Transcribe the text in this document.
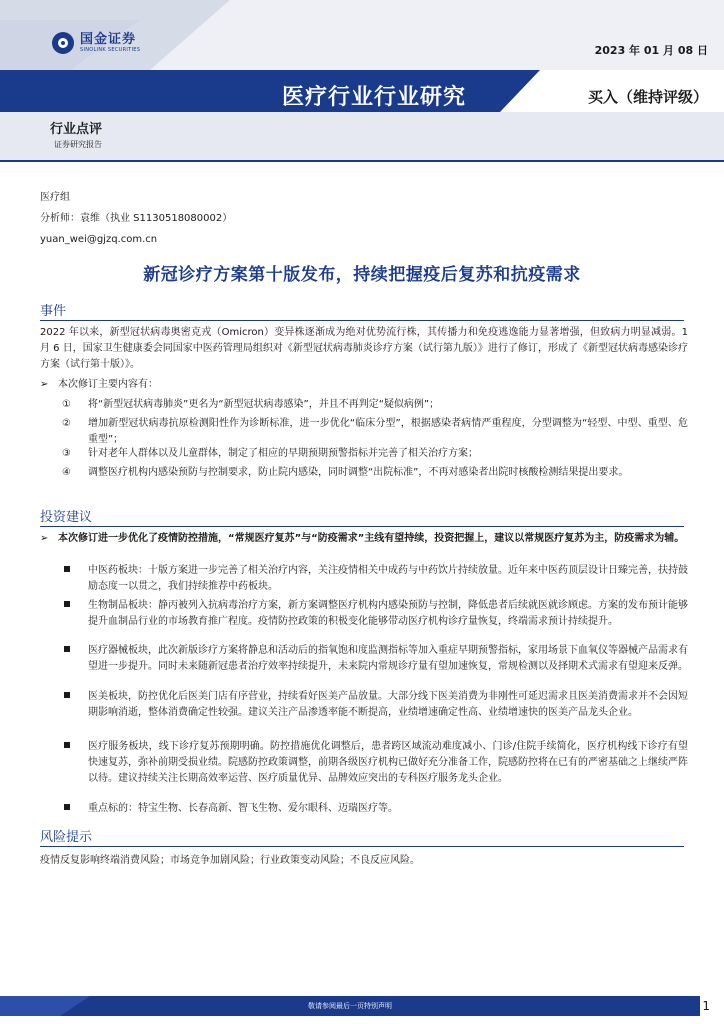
国金证券
SINOLINK SECURITIES	2023 年 01 月 08 日
医疗行业行业研究	买入（维持评级）
行业点评
证券研究报告
医疗组
分析师：袁维（执业 S1130518080002）
yuan_wei@gjzq.com.cn
新冠诊疗方案第十版发布，持续把握疫后复苏和抗疫需求
事件
2022 年以来，新型冠状病毒奥密克戎（Omicron）变异株逐渐成为绝对优势流行株，其传播力和免疫逃逸能力显著增强，但致病力明显减弱。1 月 6 日，国家卫生健康委会同国家中医药管理局组织对《新型冠状病毒肺炎诊疗方案（试行第九版）》进行了修订，形成了《新型冠状病毒感染诊疗方案（试行第十版）》。
➢ 本次修订主要内容有：
①	将“新型冠状病毒肺炎”更名为“新型冠状病毒感染”，并且不再判定“疑似病例”；
②	增加新型冠状病毒抗原检测阳性作为诊断标准，进一步优化“临床分型”，根据感染者病情严重程度，分型调整为“轻型、中型、重型、危重型”；
③	针对老年人群体以及儿童群体，制定了相应的早期预期预警指标并完善了相关治疗方案；
④	调整医疗机构内感染预防与控制要求，防止院内感染，同时调整“出院标准”，不再对感染者出院时核酸检测结果提出要求。
投资建议
➢ 本次修订进一步优化了疫情防控措施，“常规医疗复苏”与“防疫需求”主线有望持续，投资把握上，建议以常规医疗复苏为主，防疫需求为辅。
中医药板块：十版方案进一步完善了相关治疗内容，关注疫情相关中成药与中药饮片持续放量。近年来中医药顶层设计日臻完善，扶持鼓励态度一以贯之，我们持续推荐中药板块。
生物制品板块：静丙被列入抗病毒治疗方案，新方案调整医疗机构内感染预防与控制，降低患者后续就医就诊顾虑。方案的发布预计能够提升血制品行业的市场教育推广程度。疫情防控政策的积极变化能够带动医疗机构诊疗量恢复，终端需求预计持续提升。
医疗器械板块，此次新版诊疗方案将静息和活动后的指氧饱和度监测指标等加入重症早期预警指标，家用场景下血氧仪等器械产品需求有望进一步提升。同时未来随新冠患者治疗效率持续提升，未来院内常规诊疗量有望加速恢复，常规检测以及择期术式需求有望迎来反弹。
医美板块，防控优化后医美门店有序营业，持续看好医美产品放量。大部分线下医美消费为非刚性可延迟需求且医美消费需求并不会因短期影响消逝，整体消费确定性较强。建议关注产品渗透率能不断提高，业绩增速确定性高、业绩增速快的医美产品龙头企业。
医疗服务板块，线下诊疗复苏预期明确。防控措施优化调整后，患者跨区域流动难度减小、门诊/住院手续简化，医疗机构线下诊疗有望快速复苏，弥补前期受损业绩。院感防控政策调整，前期各级医疗机构已做好充分准备工作，院感防控将在已有的严密基础之上继续严阵以待。建议持续关注长期高效率运营、医疗质量优异、品牌效应突出的专科医疗服务龙头企业。
重点标的：特宝生物、长春高新、智飞生物、爱尔眼科、迈瑞医疗等。
风险提示
疫情反复影响终端消费风险；市场竞争加剧风险；行业政策变动风险；不良反应风险。
敬请参阅最后一页特别声明	1
